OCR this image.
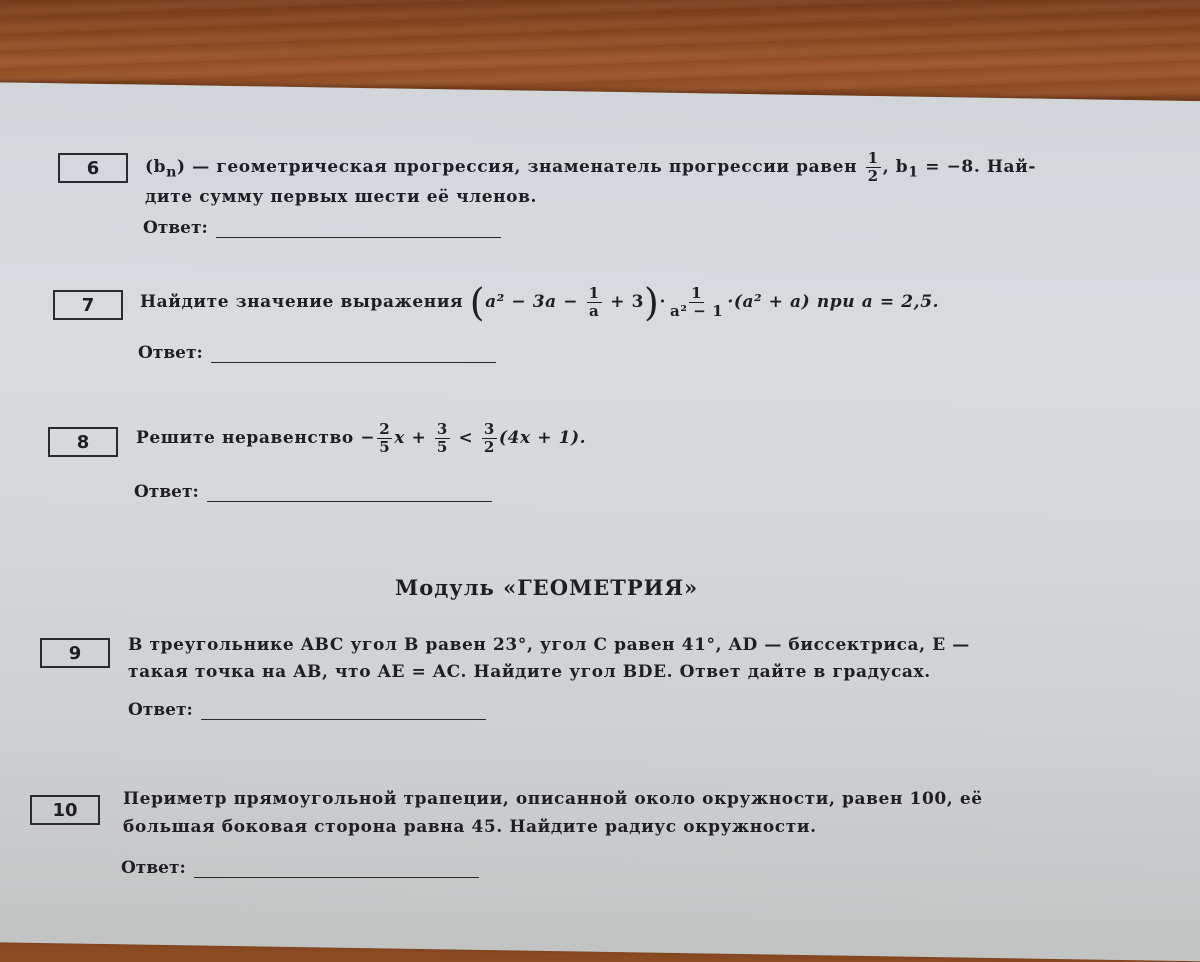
6	$(b_n)$ — геометрическая прогрессия, знаменатель прогрессии равен $\frac{1}{2}$ , $b_1 = -8$. Най-
дите сумму первых шести её членов.
Ответ:
7	Найдите значение выражения $(a^2 - 3a - \frac{1}{a} + 3)\cdot \frac{1}{\text{a² − 1}} \cdot(a^2 + a)$ при a = 2,5.
Ответ:
8	Решите неравенство − $\frac{2}{5}$ $x + \frac{3}{5} < \frac{3}{2} (4x + 1)$.
Ответ:
Модуль «ГЕОМЕТРИЯ»
9	В треугольнике ABC угол B равен 23°, угол C равен 41°, AD — биссектриса, E —
такая точка на AB, что AE = AC. Найдите угол BDE. Ответ дайте в градусах.
Ответ:
10
Периметр прямоугольной трапеции, описанной около окружности, равен 100, её
большая боковая сторона равна 45. Найдите радиус окружности.
Ответ:
